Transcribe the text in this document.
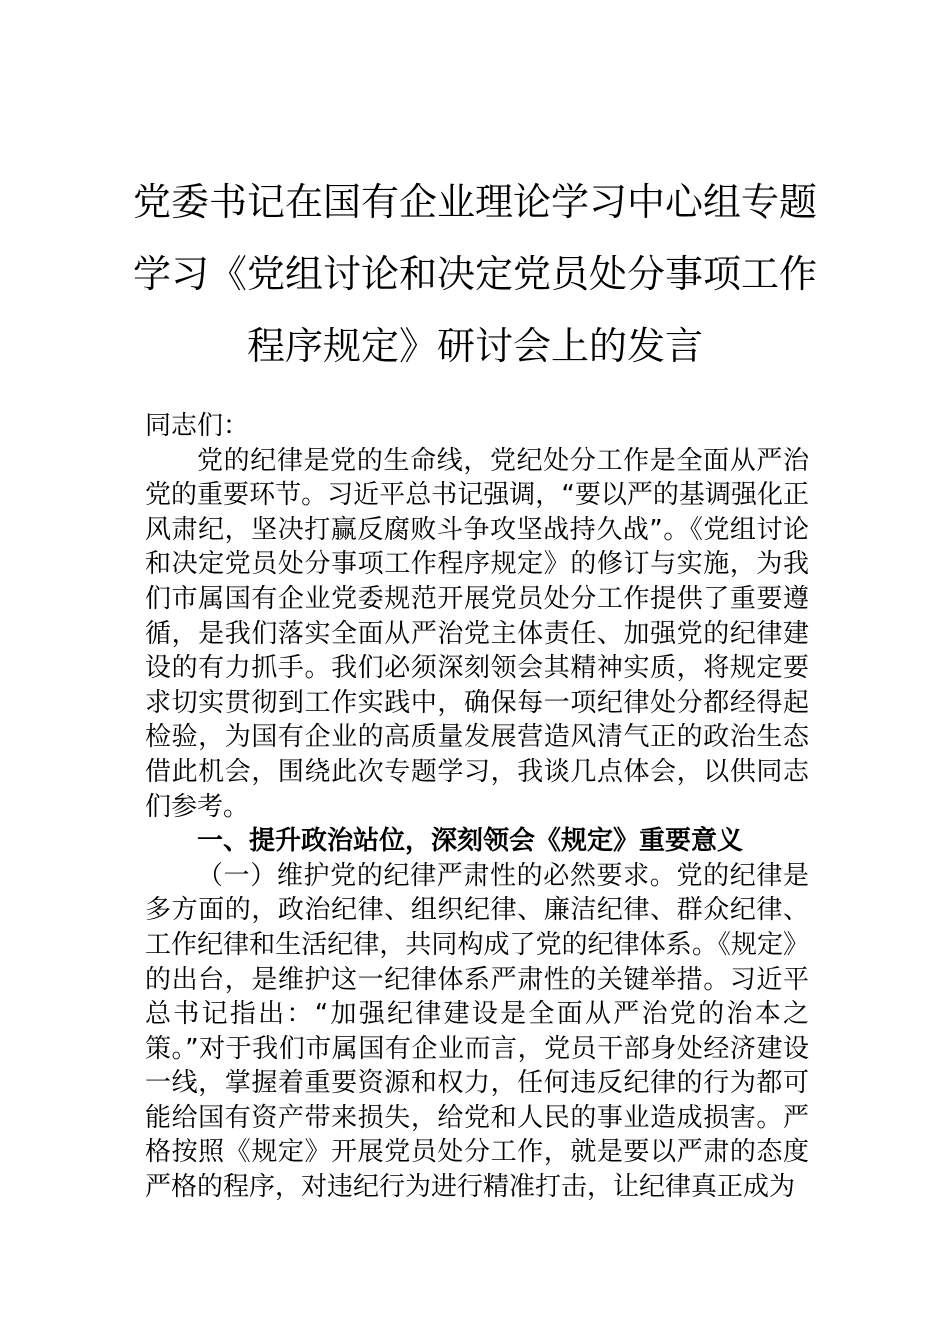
党委书记在国有企业理论学习中心组专题
学习《党组讨论和决定党员处分事项工作
程序规定》研讨会上的发言

同志们：

党的纪律是党的生命线，党纪处分工作是全面从严治党的重要环节。习近平总书记强调，“要以严的基调强化正风肃纪，坚决打赢反腐败斗争攻坚战持久战”。《党组讨论和决定党员处分事项工作程序规定》的修订与实施，为我们市属国有企业党委规范开展党员处分工作提供了重要遵循，是我们落实全面从严治党主体责任、加强党的纪律建设的有力抓手。我们必须深刻领会其精神实质，将规定要求切实贯彻到工作实践中，确保每一项纪律处分都经得起检验，为国有企业的高质量发展营造风清气正的政治生态借此机会，围绕此次专题学习，我谈几点体会，以供同志们参考。

一、提升政治站位，深刻领会《规定》重要意义

（一）维护党的纪律严肃性的必然要求。党的纪律是多方面的，政治纪律、组织纪律、廉洁纪律、群众纪律、工作纪律和生活纪律，共同构成了党的纪律体系。《规定》的出台，是维护这一纪律体系严肃性的关键举措。习近平总书记指出：“加强纪律建设是全面从严治党的治本之策。”对于我们市属国有企业而言，党员干部身处经济建设一线，掌握着重要资源和权力，任何违反纪律的行为都可能给国有资产带来损失，给党和人民的事业造成损害。严格按照《规定》开展党员处分工作，就是要以严肃的态度严格的程序，对违纪行为进行精准打击，让纪律真正成为
